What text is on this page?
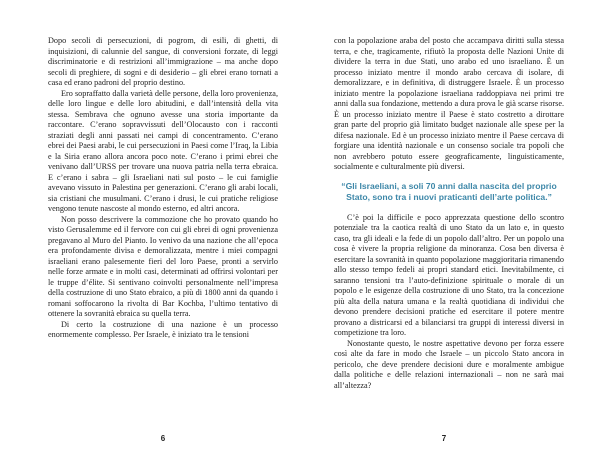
Dopo secoli di persecuzioni, di pogrom, di esili, di ghetti, di inquisizioni, di calunnie del sangue, di conversioni forzate, di leggi discriminatorie e di restrizioni all’immigrazione – ma anche dopo secoli di preghiere, di sogni e di desiderio – gli ebrei erano tornati a casa ed erano padroni del proprio destino.

Ero sopraffatto dalla varietà delle persone, della loro provenienza, delle loro lingue e delle loro abitudini, e dall’intensità della vita stessa. Sembrava che ognuno avesse una storia importante da raccontare. C’erano sopravvissuti dell’Olocausto con i racconti straziati degli anni passati nei campi di concentramento. C’erano ebrei dei Paesi arabi, le cui persecuzioni in Paesi come l’Iraq, la Libia e la Siria erano allora ancora poco note. C’erano i primi ebrei che venivano dall’URSS per trovare una nuova patria nella terra ebraica. E c’erano i sabra – gli Israeliani nati sul posto – le cui famiglie avevano vissuto in Palestina per generazioni. C’erano gli arabi locali, sia cristiani che musulmani. C’erano i drusi, le cui pratiche religiose vengono tenute nascoste al mondo esterno, ed altri ancora.

Non posso descrivere la commozione che ho provato quando ho visto Gerusalemme ed il fervore con cui gli ebrei di ogni provenienza pregavano al Muro del Pianto. Io venivo da una nazione che all’epoca era profondamente divisa e demoralizzata, mentre i miei compagni israeliani erano palesemente fieri del loro Paese, pronti a servirlo nelle forze armate e in molti casi, determinati ad offrirsi volontari per le truppe d’élite. Si sentivano coinvolti personalmente nell’impresa della costruzione di uno Stato ebraico, a più di 1800 anni da quando i romani soffocarono la rivolta di Bar Kochba, l’ultimo tentativo di ottenere la sovranità ebraica su quella terra.

Di certo la costruzione di una nazione è un processo enormemente complesso. Per Israele, è iniziato tra le tensioni

6

con la popolazione araba del posto che accampava diritti sulla stessa terra, e che, tragicamente, rifiutò la proposta delle Nazioni Unite di dividere la terra in due Stati, uno arabo ed uno israeliano. È un processo iniziato mentre il mondo arabo cercava di isolare, di demoralizzare, e in definitiva, di distruggere Israele. È un processo iniziato mentre la popolazione israeliana raddoppiava nei primi tre anni dalla sua fondazione, mettendo a dura prova le già scarse risorse. È un processo iniziato mentre il Paese è stato costretto a dirottare gran parte del proprio già limitato budget nazionale alle spese per la difesa nazionale. Ed è un processo iniziato mentre il Paese cercava di forgiare una identità nazionale e un consenso sociale tra popoli che non avrebbero potuto essere geograficamente, linguisticamente, socialmente e culturalmente più diversi.

“Gli Israeliani, a soli 70 anni dalla nascita del proprio Stato, sono tra i nuovi praticanti dell’arte politica.”

C’è poi la difficile e poco apprezzata questione dello scontro potenziale tra la caotica realtà di uno Stato da un lato e, in questo caso, tra gli ideali e la fede di un popolo dall’altro. Per un popolo una cosa è vivere la propria religione da minoranza. Cosa ben diversa è esercitare la sovranità in quanto popolazione maggioritaria rimanendo allo stesso tempo fedeli ai propri standard etici. Inevitabilmente, ci saranno tensioni tra l’auto-definizione spirituale o morale di un popolo e le esigenze della costruzione di uno Stato, tra la concezione più alta della natura umana e la realtà quotidiana di individui che devono prendere decisioni pratiche ed esercitare il potere mentre provano a districarsi ed a bilanciarsi tra gruppi di interessi diversi in competizione tra loro.

Nonostante questo, le nostre aspettative devono per forza essere così alte da fare in modo che Israele – un piccolo Stato ancora in pericolo, che deve prendere decisioni dure e moralmente ambigue dalla politiche e delle relazioni internazionali – non ne sarà mai all’altezza?

7
